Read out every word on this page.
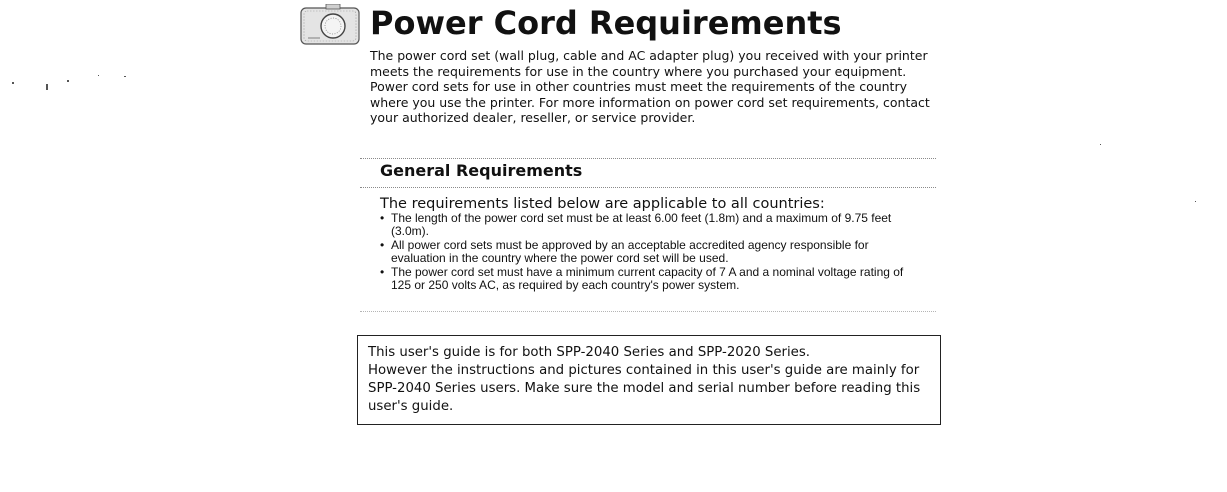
Power Cord Requirements

The power cord set (wall plug, cable and AC adapter plug) you received with your printer meets the requirements for use in the country where you purchased your equipment.

Power cord sets for use in other countries must meet the requirements of the country where you use the printer. For more information on power cord set requirements, contact your authorized dealer, reseller, or service provider.

General Requirements

The requirements listed below are applicable to all countries:

• The length of the power cord set must be at least 6.00 feet (1.8m) and a maximum of 9.75 feet (3.0m).
• All power cord sets must be approved by an acceptable accredited agency responsible for evaluation in the country where the power cord set will be used.
• The power cord set must have a minimum current capacity of 7 A and a nominal voltage rating of 125 or 250 volts AC, as required by each country's power system.

This user's guide is for both SPP-2040 Series and SPP-2020 Series.

However the instructions and pictures contained in this user's guide are mainly for SPP-2040 Series users. Make sure the model and serial number before reading this user's guide.
